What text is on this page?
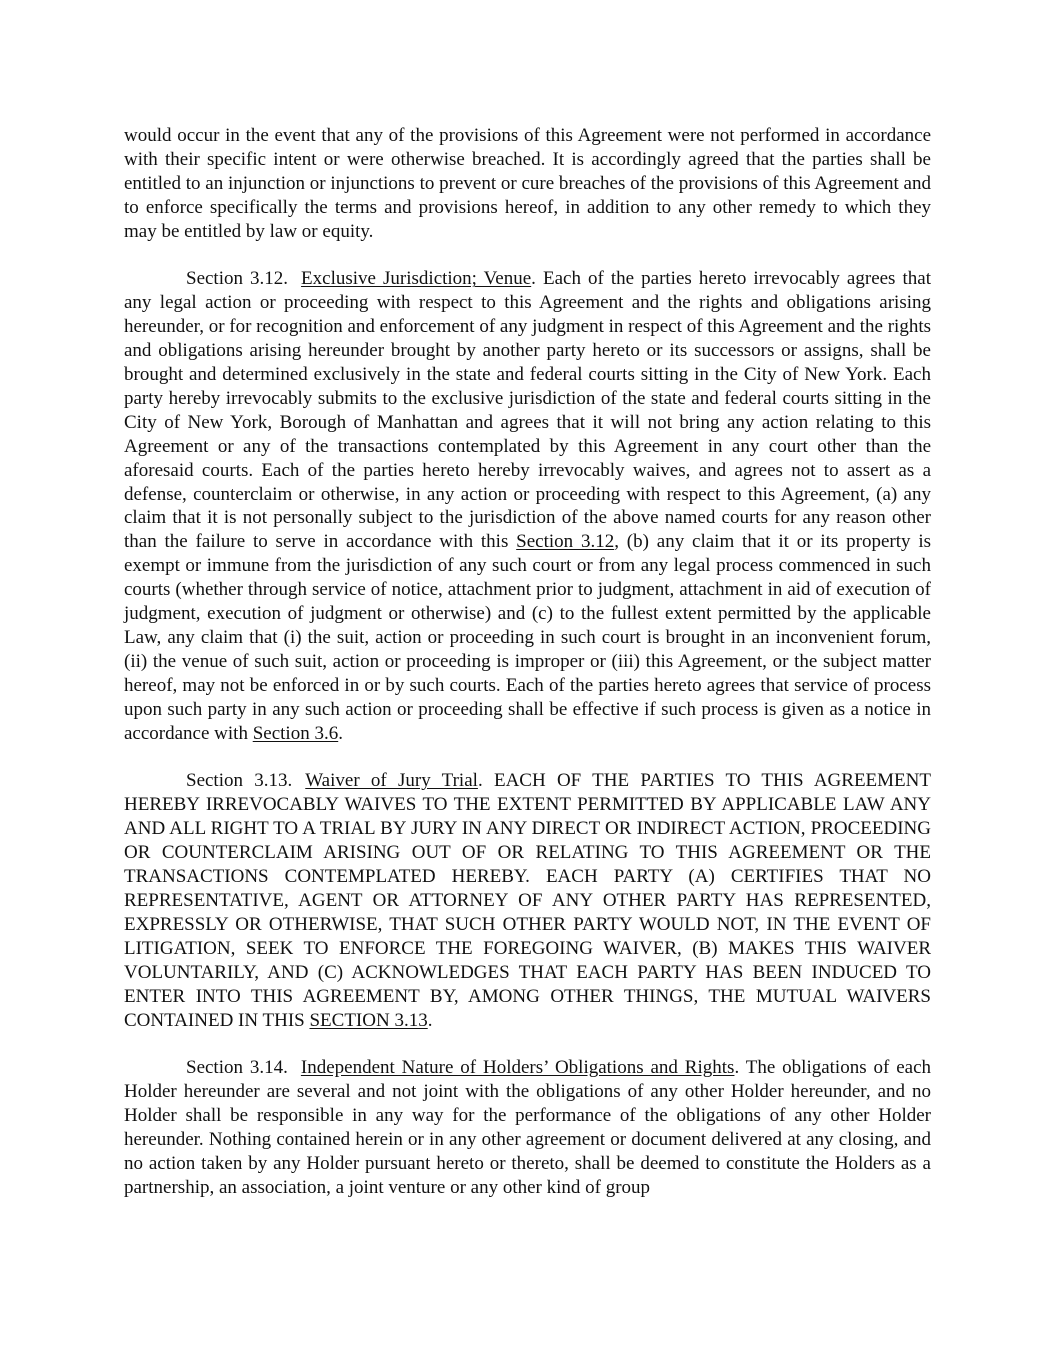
would occur in the event that any of the provisions of this Agreement were not performed in accordance with their specific intent or were otherwise breached. It is accordingly agreed that the parties shall be entitled to an injunction or injunctions to prevent or cure breaches of the provisions of this Agreement and to enforce specifically the terms and provisions hereof, in addition to any other remedy to which they may be entitled by law or equity.

Section 3.12. Exclusive Jurisdiction; Venue. Each of the parties hereto irrevocably agrees that any legal action or proceeding with respect to this Agreement and the rights and obligations arising hereunder, or for recognition and enforcement of any judgment in respect of this Agreement and the rights and obligations arising hereunder brought by another party hereto or its successors or assigns, shall be brought and determined exclusively in the state and federal courts sitting in the City of New York. Each party hereby irrevocably submits to the exclusive jurisdiction of the state and federal courts sitting in the City of New York, Borough of Manhattan and agrees that it will not bring any action relating to this Agreement or any of the transactions contemplated by this Agreement in any court other than the aforesaid courts. Each of the parties hereto hereby irrevocably waives, and agrees not to assert as a defense, counterclaim or otherwise, in any action or proceeding with respect to this Agreement, (a) any claim that it is not personally subject to the jurisdiction of the above named courts for any reason other than the failure to serve in accordance with this Section 3.12, (b) any claim that it or its property is exempt or immune from the jurisdiction of any such court or from any legal process commenced in such courts (whether through service of notice, attachment prior to judgment, attachment in aid of execution of judgment, execution of judgment or otherwise) and (c) to the fullest extent permitted by the applicable Law, any claim that (i) the suit, action or proceeding in such court is brought in an inconvenient forum, (ii) the venue of such suit, action or proceeding is improper or (iii) this Agreement, or the subject matter hereof, may not be enforced in or by such courts. Each of the parties hereto agrees that service of process upon such party in any such action or proceeding shall be effective if such process is given as a notice in accordance with Section 3.6.

Section 3.13. Waiver of Jury Trial. EACH OF THE PARTIES TO THIS AGREEMENT HEREBY IRREVOCABLY WAIVES TO THE EXTENT PERMITTED BY APPLICABLE LAW ANY AND ALL RIGHT TO A TRIAL BY JURY IN ANY DIRECT OR INDIRECT ACTION, PROCEEDING OR COUNTERCLAIM ARISING OUT OF OR RELATING TO THIS AGREEMENT OR THE TRANSACTIONS CONTEMPLATED HEREBY. EACH PARTY (A) CERTIFIES THAT NO REPRESENTATIVE, AGENT OR ATTORNEY OF ANY OTHER PARTY HAS REPRESENTED, EXPRESSLY OR OTHERWISE, THAT SUCH OTHER PARTY WOULD NOT, IN THE EVENT OF LITIGATION, SEEK TO ENFORCE THE FOREGOING WAIVER, (B) MAKES THIS WAIVER VOLUNTARILY, AND (C) ACKNOWLEDGES THAT EACH PARTY HAS BEEN INDUCED TO ENTER INTO THIS AGREEMENT BY, AMONG OTHER THINGS, THE MUTUAL WAIVERS CONTAINED IN THIS SECTION 3.13.

Section 3.14. Independent Nature of Holders’ Obligations and Rights. The obligations of each Holder hereunder are several and not joint with the obligations of any other Holder hereunder, and no Holder shall be responsible in any way for the performance of the obligations of any other Holder hereunder. Nothing contained herein or in any other agreement or document delivered at any closing, and no action taken by any Holder pursuant hereto or thereto, shall be deemed to constitute the Holders as a partnership, an association, a joint venture or any other kind of group
